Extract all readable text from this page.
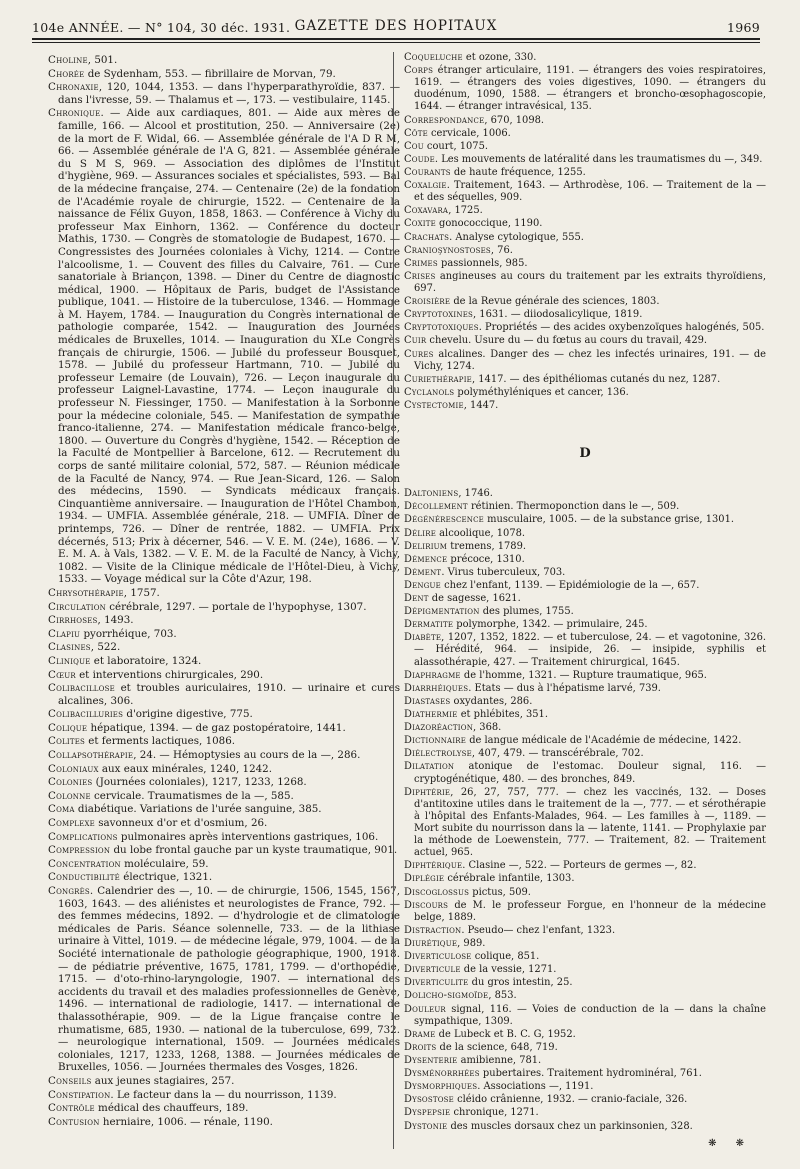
104e ANNÉE. — N° 104, 30 déc. 1931. GAZETTE DES HOPITAUX	1969
Choline, 501.
Chorée de Sydenham, 553. — fibrillaire de Morvan, 79.
Chronaxie, 120, 1044, 1353. — dans l'hyperparathyroïdie, 837. — dans l'ivresse, 59. — Thalamus et —, 173. — vestibulaire, 1145.
Chronique. — Aide aux cardiaques, 801. — Aide aux mères de famille, 166. — Alcool et prostitution, 250. — Anniversaire (2e) de la mort de F. Widal, 66. — Assemblée générale de l'A D R M, 66. — Assemblée générale de l'A G, 821. — Assemblée générale du S M S, 969. — Association des diplômes de l'Institut d'hygiène, 969. — Assurances sociales et spécialistes, 593. — Bal de la médecine française, 274. — Centenaire (2e) de la fondation de l'Académie royale de chirurgie, 1522. — Centenaire de la naissance de Félix Guyon, 1858, 1863. — Conférence à Vichy du professeur Max Einhorn, 1362. — Conférence du docteur Mathis, 1730. — Congrès de stomatologie de Budapest, 1670. — Congressistes des Journées coloniales à Vichy, 1214. — Contre l'alcoolisme, 1. — Couvent des filles du Calvaire, 761. — Cure sanatoriale à Briançon, 1398. — Diner du Centre de diagnostic médical, 1900. — Hôpitaux de Paris, budget de l'Assistance publique, 1041. — Histoire de la tuberculose, 1346. — Hommage à M. Hayem, 1784. — Inauguration du Congrès international de pathologie comparée, 1542. — Inauguration des Journées médicales de Bruxelles, 1014. — Inauguration du XLe Congrès français de chirurgie, 1506. — Jubilé du professeur Bousquet, 1578. — Jubilé du professeur Hartmann, 710. — Jubilé du professeur Lemaire (de Louvain), 726. — Leçon inaugurale du professeur Laignel-Lavastine, 1774. — Leçon inaugurale du professeur N. Fiessinger, 1750. — Manifestation à la Sorbonne pour la médecine coloniale, 545. — Manifestation de sympathie franco-italienne, 274. — Manifestation médicale franco-belge, 1800. — Ouverture du Congrès d'hygiène, 1542. — Réception de la Faculté de Montpellier à Barcelone, 612. — Recrutement du corps de santé militaire colonial, 572, 587. — Réunion médicale de la Faculté de Nancy, 974. — Rue Jean-Sicard, 126. — Salon des médecins, 1590. — Syndicats médicaux français. Cinquantième anniversaire. — Inauguration de l'Hôtel Chambon, 1934. — UMFIA. Assemblée générale, 218. — UMFIA. Dîner de printemps, 726. — Dîner de rentrée, 1882. — UMFIA. Prix décernés, 513; Prix à décerner, 546. — V. E. M. (24e), 1686. — V. E. M. A. à Vals, 1382. — V. E. M. de la Faculté de Nancy, à Vichy, 1082. — Visite de la Clinique médicale de l'Hôtel-Dieu, à Vichy, 1533. — Voyage médical sur la Côte d'Azur, 198.
Chrysothérapie, 1757.
Circulation cérébrale, 1297. — portale de l'hypophyse, 1307.
Cirrhoses, 1493.
Clapiu pyorrhéique, 703.
Clasines, 522.
Clinique et laboratoire, 1324.
Cœur et interventions chirurgicales, 290.
Colibacillose et troubles auriculaires, 1910. — urinaire et cures alcalines, 306.
Colibacilluries d'origine digestive, 775.
Colique hépatique, 1394. — de gaz postopératoire, 1441.
Colites et ferments lactiques, 1086.
Collapsothérapie, 24. — Hémoptysies au cours de la —, 286.
Coloniaux aux eaux minérales, 1240, 1242.
Colonies (Journées coloniales), 1217, 1233, 1268.
Colonne cervicale. Traumatismes de la —, 585.
Coma diabétique. Variations de l'urée sanguine, 385.
Complexe savonneux d'or et d'osmium, 26.
Complications pulmonaires après interventions gastriques, 106.
Compression du lobe frontal gauche par un kyste traumatique, 901.
Concentration moléculaire, 59.
Conductibilité électrique, 1321.
Congrès. Calendrier des —, 10. — de chirurgie, 1506, 1545, 1567, 1603, 1643. — des aliénistes et neurologistes de France, 792. — des femmes médecins, 1892. — d'hydrologie et de climatologie médicales de Paris. Séance solennelle, 733. — de la lithiase urinaire à Vittel, 1019. — de médecine légale, 979, 1004. — de la Société internationale de pathologie géographique, 1900, 1918. — de pédiatrie préventive, 1675, 1781, 1799. — d'orthopédie, 1715. — d'oto-rhino-laryngologie, 1907. — international des accidents du travail et des maladies professionnelles de Genève, 1496. — international de radiologie, 1417. — international de thalassothérapie, 909. — de la Ligue française contre le rhumatisme, 685, 1930. — national de la tuberculose, 699, 732. — neurologique international, 1509. — Journées médicales coloniales, 1217, 1233, 1268, 1388. — Journées médicales de Bruxelles, 1056. — Journées thermales des Vosges, 1826.
Conseils aux jeunes stagiaires, 257.
Constipation. Le facteur dans la — du nourrisson, 1139.
Contrôle médical des chauffeurs, 189.
Contusion herniaire, 1006. — rénale, 1190.
Coqueluche et ozone, 330.
Corps étranger articulaire, 1191. — étrangers des voies respiratoires, 1619. — étrangers des voies digestives, 1090. — étrangers du duodénum, 1090, 1588. — étrangers et broncho-œsophagoscopie, 1644. — étranger intravésical, 135.
Correspondance, 670, 1098.
Côte cervicale, 1006.
Cou court, 1075.
Coude. Les mouvements de latéralité dans les traumatismes du —, 349.
Courants de haute fréquence, 1255.
Coxalgie. Traitement, 1643. — Arthrodèse, 106. — Traitement de la — et des séquelles, 909.
Coxavara, 1725.
Coxite gonococcique, 1190.
Crachats. Analyse cytologique, 555.
Cranioşynostoses, 76.
Crimes passionnels, 985.
Crises angineuses au cours du traitement par les extraits thyroïdiens, 697.
Croisière de la Revue générale des sciences, 1803.
Cryptotoxines, 1631. — diiodosalicylique, 1819.
Cryptotoxiques. Propriétés — des acides oxybenzoïques halogénés, 505.
Cuir chevelu. Usure du — du fœtus au cours du travail, 429.
Cures alcalines. Danger des — chez les infectés urinaires, 191. — de Vichy, 1274.
Curiethérapie, 1417. — des épithéliomas cutanés du nez, 1287.
Cyclanols polyméthyléniques et cancer, 136.
Cystectomie, 1447.
D
Daltoniens, 1746.
Décollement rétinien. Thermoponction dans le —, 509.
Dégénérescence musculaire, 1005. — de la substance grise, 1301.
Délire alcoolique, 1078.
Delirium tremens, 1789.
Démence précoce, 1310.
Dément. Virus tuberculeux, 703.
Dengue chez l'enfant, 1139. — Epidémiologie de la —, 657.
Dent de sagesse, 1621.
Dépigmentation des plumes, 1755.
Dermatite polymorphe, 1342. — primulaire, 245.
Diabète, 1207, 1352, 1822. — et tuberculose, 24. — et vagotonine, 326. — Hérédité, 964. — insipide, 26. — insipide, syphilis et alassothérapie, 427. — Traitement chirurgical, 1645.
Diaphragme de l'homme, 1321. — Rupture traumatique, 965.
Diarrhéiques. Etats — dus à l'hépatisme larvé, 739.
Diastases oxydantes, 286.
Diathermie et phlébites, 351.
Diazoréaction, 368.
Dictionnaire de langue médicale de l'Académie de médecine, 1422.
Diélectrolyse, 407, 479. — transcérébrale, 702.
Dilatation atonique de l'estomac. Douleur signal, 116. — cryptogénétique, 480. — des bronches, 849.
Diphtérie, 26, 27, 757, 777. — chez les vaccinés, 132. — Doses d'antitoxine utiles dans le traitement de la —, 777. — et sérothérapie à l'hôpital des Enfants-Malades, 964. — Les familles à —, 1189. — Mort subite du nourrisson dans la — latente, 1141. — Prophylaxie par la méthode de Loewenstein, 777. — Traitement, 82. — Traitement actuel, 965.
Diphtérique. Clasine —, 522. — Porteurs de germes —, 82.
Diplégie cérébrale infantile, 1303.
Discoglossus pictus, 509.
Discours de M. le professeur Forgue, en l'honneur de la médecine belge, 1889.
Distraction. Pseudo— chez l'enfant, 1323.
Diurétique, 989.
Diverticulose colique, 851.
Diverticule de la vessie, 1271.
Diverticulite du gros intestin, 25.
Dolicho-sigmoïde, 853.
Douleur signal, 116. — Voies de conduction de la — dans la chaîne sympathique, 1309.
Drame de Lubeck et B. C. G, 1952.
Droits de la science, 648, 719.
Dysenterie amibienne, 781.
Dysménorrhées pubertaires. Traitement hydrominéral, 761.
Dysmorphiques. Associations —, 1191.
Dysostose cléido crânienne, 1932. — cranio-faciale, 326.
Dyspepsie chronique, 1271.
Dystonie des muscles dorsaux chez un parkinsonien, 328.
❋ ❋
